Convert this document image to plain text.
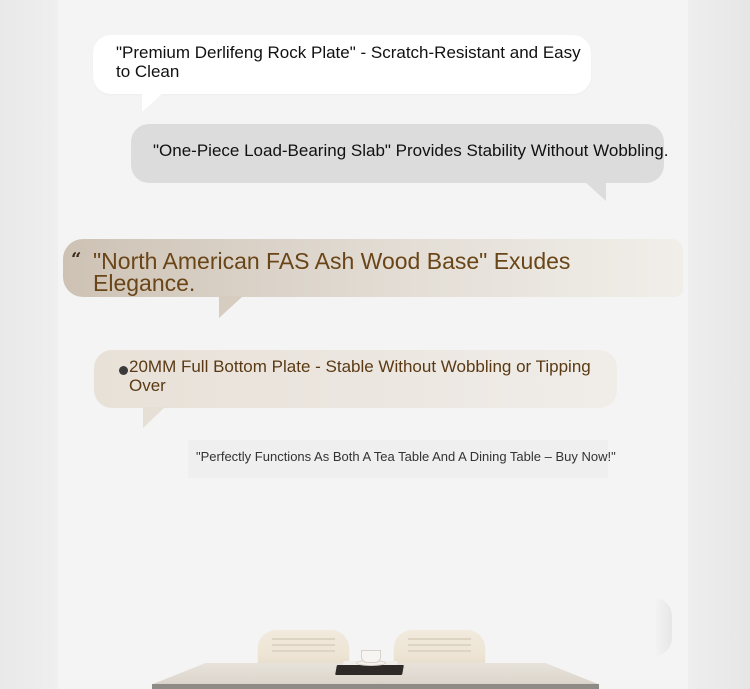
"Premium Derlifeng Rock Plate" - Scratch-Resistant and Easy to Clean
"One-Piece Load-Bearing Slab" Provides Stability Without Wobbling.
“ "North American FAS Ash Wood Base" Exudes Elegance.
20MM Full Bottom Plate - Stable Without Wobbling or Tipping Over
"Perfectly Functions As Both A Tea Table And A Dining Table – Buy Now!"
